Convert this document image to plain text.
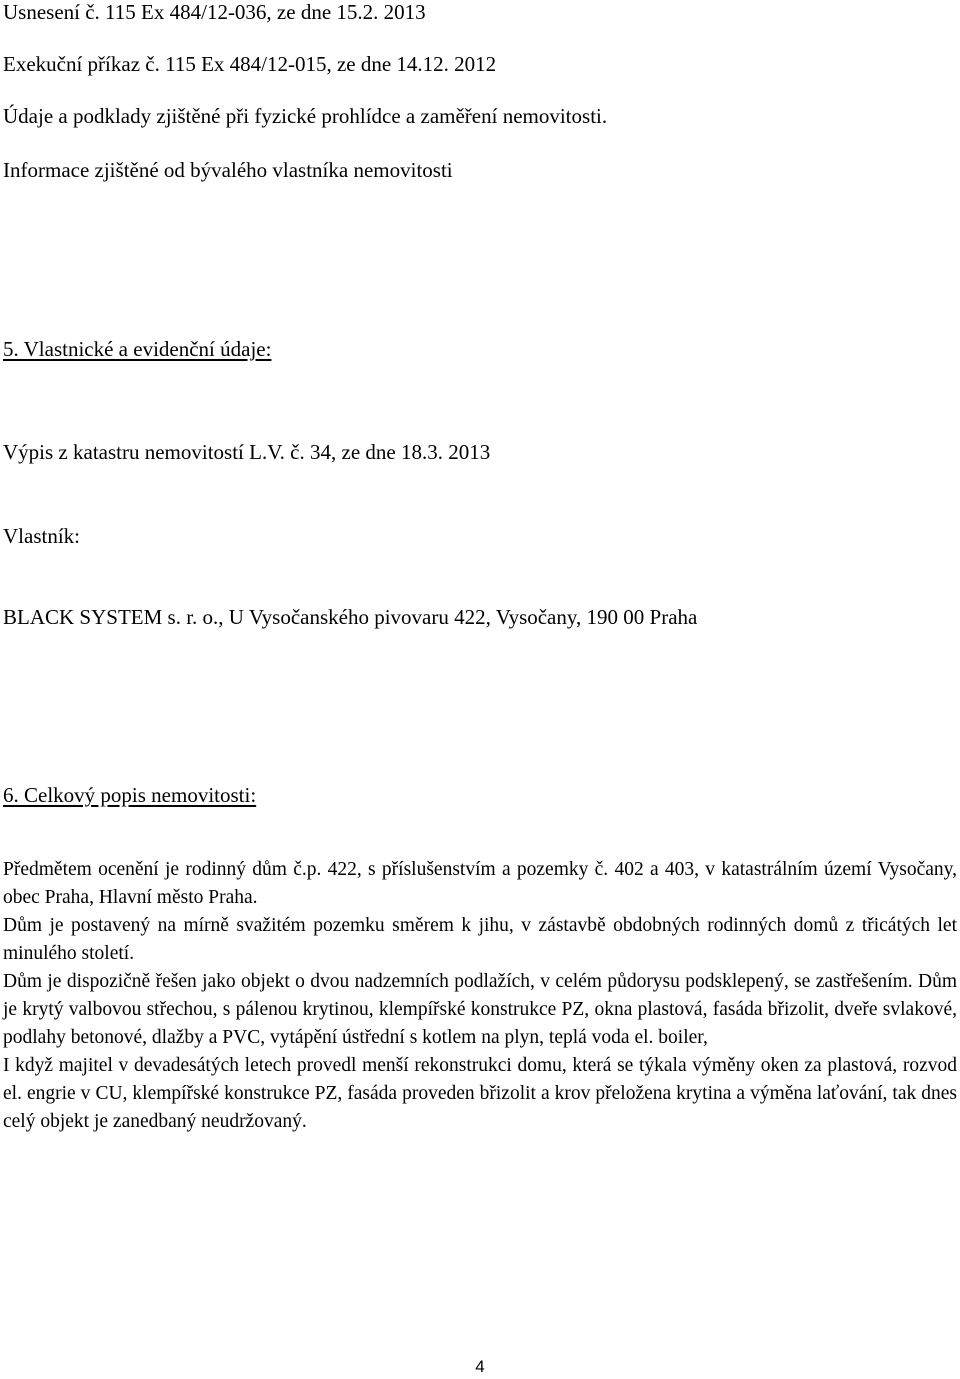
Usnesení č. 115 Ex 484/12-036, ze dne 15.2. 2013
Exekuční příkaz č. 115 Ex 484/12-015, ze dne 14.12. 2012
Údaje a podklady zjištěné při fyzické prohlídce a zaměření nemovitosti.
Informace zjištěné od bývalého vlastníka nemovitosti
5. Vlastnické a evidenční údaje:
Výpis z katastru nemovitostí L.V. č. 34, ze dne 18.3. 2013
Vlastník:
BLACK SYSTEM s. r. o., U Vysočanského pivovaru 422, Vysočany, 190 00 Praha
6. Celkový popis nemovitosti:

Předmětem ocenění je rodinný dům č.p. 422, s příslušenstvím a pozemky č. 402 a 403, v katastrálním území Vysočany, obec Praha, Hlavní město Praha.

Dům je postavený na mírně svažitém pozemku směrem k jihu, v zástavbě obdobných rodinných domů z třicátých let minulého století.

Dům je dispozičně řešen jako objekt o dvou nadzemních podlažích, v celém půdorysu podsklepený, se zastřešením. Dům je krytý valbovou střechou, s pálenou krytinou, klempířské konstrukce PZ, okna plastová, fasáda břizolit, dveře svlakové, podlahy betonové, dlažby a PVC, vytápění ústřední s kotlem na plyn, teplá voda el. boiler,

I když majitel v devadesátých letech provedl menší rekonstrukci domu, která se týkala výměny oken za plastová, rozvod el. engrie v CU, klempířské konstrukce PZ, fasáda proveden břizolit a krov přeložena krytina a výměna laťování, tak dnes celý objekt je zanedbaný neudržovaný.

4
